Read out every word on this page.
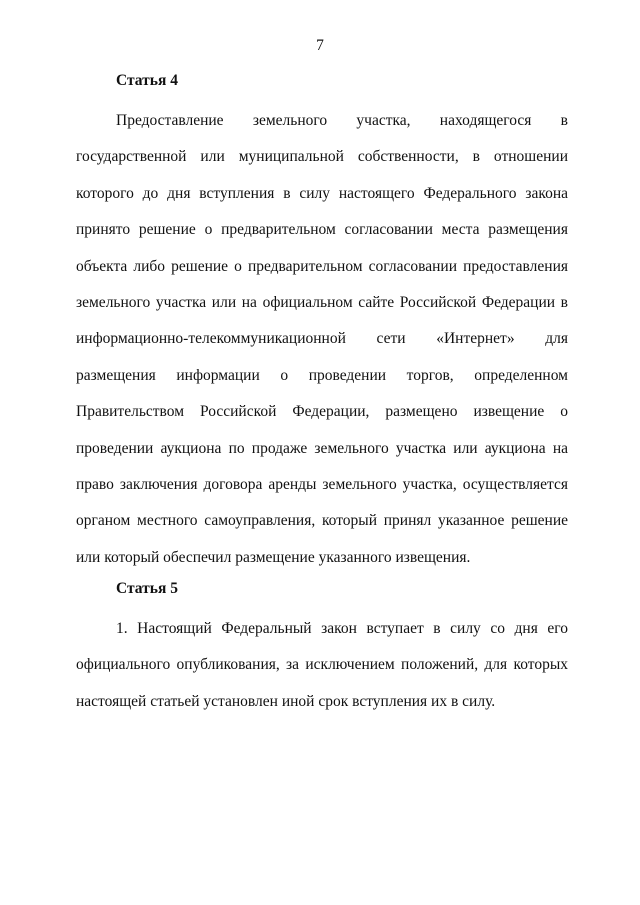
7
Статья 4

Предоставление земельного участка, находящегося в государственной или муниципальной собственности, в отношении которого до дня вступления в силу настоящего Федерального закона принято решение о предварительном согласовании места размещения объекта либо решение о предварительном согласовании предоставления земельного участка или на официальном сайте Российской Федерации в информационно-телекоммуникационной сети «Интернет» для размещения информации о проведении торгов, определенном Правительством Российской Федерации, размещено извещение о проведении аукциона по продаже земельного участка или аукциона на право заключения договора аренды земельного участка, осуществляется органом местного самоуправления, который принял указанное решение или который обеспечил размещение указанного извещения.

Статья 5

1. Настоящий Федеральный закон вступает в силу со дня его официального опубликования, за исключением положений, для которых настоящей статьей установлен иной срок вступления их в силу.
